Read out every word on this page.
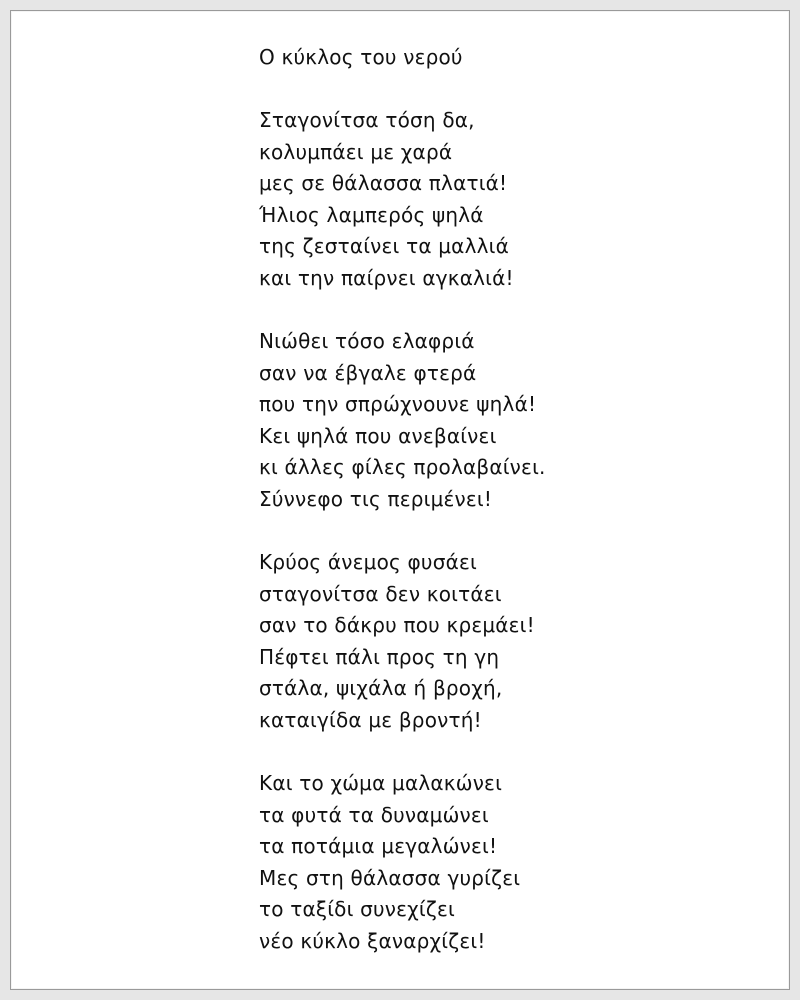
Ο κύκλος του νερού
Σταγονίτσα τόση δα,
κολυμπάει με χαρά
μες σε θάλασσα πλατιά!
Ήλιος λαμπερός ψηλά
της ζεσταίνει τα μαλλιά
και την παίρνει αγκαλιά!
Νιώθει τόσο ελαφριά
σαν να έβγαλε φτερά
που την σπρώχνουνε ψηλά!
Κει ψηλά που ανεβαίνει
κι άλλες φίλες προλαβαίνει.
Σύννεφο τις περιμένει!
Κρύος άνεμος φυσάει
σταγονίτσα δεν κοιτάει
σαν το δάκρυ που κρεμάει!
Πέφτει πάλι προς τη γη
στάλα, ψιχάλα ή βροχή,
καταιγίδα με βροντή!
Και το χώμα μαλακώνει
τα φυτά τα δυναμώνει
τα ποτάμια μεγαλώνει!
Μες στη θάλασσα γυρίζει
το ταξίδι συνεχίζει
νέο κύκλο ξαναρχίζει!
